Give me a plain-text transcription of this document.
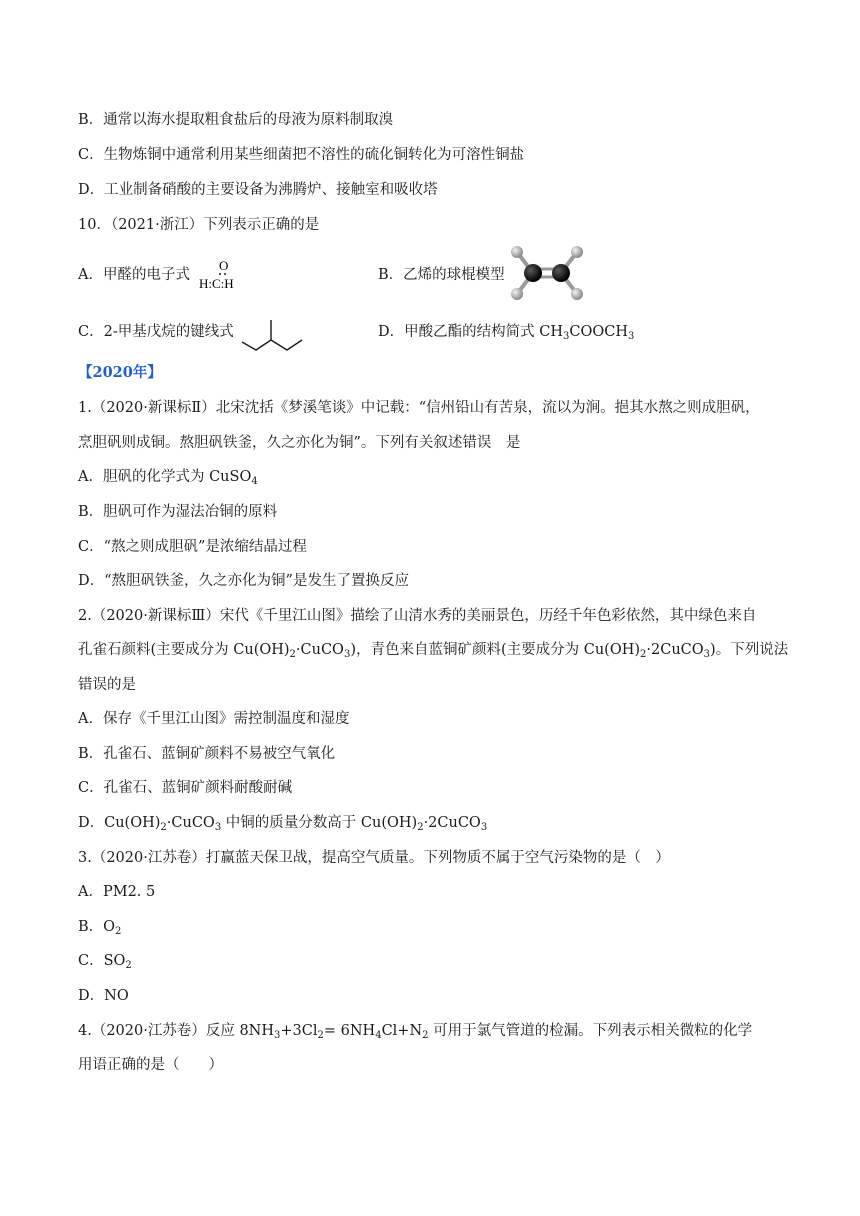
B．通常以海水提取粗食盐后的母液为原料制取溴
C．生物炼铜中通常利用某些细菌把不溶性的硫化铜转化为可溶性铜盐
D．工业制备硝酸的主要设备为沸腾炉、接触室和吸收塔
10．（2021·浙江）下列表示正确的是
A．甲醛的电子式
O
H:C:H
B．乙烯的球棍模型
C．2-甲基戊烷的键线式	D．甲酸乙酯的结构简式 $CH_3COOCH_3$
【2020年】
1.（2020·新课标Ⅱ）北宋沈括《梦溪笔谈》中记载：“信州铅山有苦泉，流以为涧。挹其水熬之则成胆矾，
烹胆矾则成铜。熬胆矾铁釜，久之亦化为铜”。下列有关叙述错误　是
A．胆矾的化学式为 CuSO$_4$
B．胆矾可作为湿法冶铜的原料
C．“熬之则成胆矾”是浓缩结晶过程
D．“熬胆矾铁釜，久之亦化为铜”是发生了置换反应
2.（2020·新课标Ⅲ）宋代《千里江山图》描绘了山清水秀的美丽景色，历经千年色彩依然，其中绿色来自
孔雀石颜料(主要成分为 $Cu(OH)_2\cdot CuCO_3$)，青色来自蓝铜矿颜料(主要成分为 $Cu(OH)_2\cdot 2CuCO_3$)。下列说法
错误的是
A．保存《千里江山图》需控制温度和湿度
B．孔雀石、蓝铜矿颜料不易被空气氧化
C．孔雀石、蓝铜矿颜料耐酸耐碱
D．$Cu(OH)_2\cdot CuCO_3$ 中铜的质量分数高于 $Cu(OH)_2\cdot 2CuCO_3$
3.（2020·江苏卷）打赢蓝天保卫战，提高空气质量。下列物质不属于空气污染物的是（　）
A．PM2. 5
B．$O_2$
C．$SO_2$
D．NO
4.（2020·江苏卷）反应 $8NH_3+3Cl_2= 6NH_4Cl+N_2$ 可用于氯气管道的检漏。下列表示相关微粒的化学
用语正确的是（　　）
